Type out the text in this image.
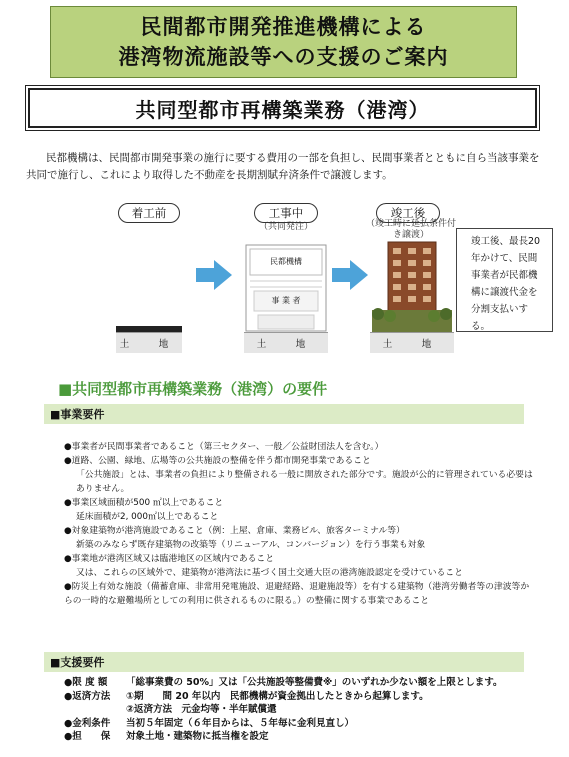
民間都市開発推進機構による
港湾物流施設等への支援のご案内
共同型都市再構築業務（港湾）
民都機構は、民間都市開発事業の施行に要する費用の一部を負担し、民間事業者とともに自ら当該事業を共同で施行し、これにより取得した不動産を長期割賦弁済条件で譲渡します。
着工前	工事中
（共同発注）
竣工後
（竣工時に延払条件付き譲渡）
土　地
民都機構
事 業 者
土　地	土　地
竣工後、最長20年かけて、民間事業者が民都機構に譲渡代金を分割支払いする。
■共同型都市再構築業務（港湾）の要件
■事業要件
●事業者が民間事業者であること（第三セクター、一般／公益財団法人を含む。）
●道路、公園、緑地、広場等の公共施設の整備を伴う都市開発事業であること
「公共施設」とは、事業者の負担により整備される一般に開放された部分です。施設が公的に管理されている必要はありません。
●事業区域面積が500 ㎡以上であること
延床面積が2, 000㎡以上であること
●対象建築物が港湾施設であること（例：上屋、倉庫、業務ビル、旅客ターミナル等）
新築のみならず既存建築物の改築等（リニューアル、コンバージョン）を行う事業も対象
●事業地が港湾区域又は臨港地区の区域内であること
又は、これらの区域外で、建築物が港湾法に基づく国土交通大臣の港湾施設認定を受けていること
●防災上有効な施設（備蓄倉庫、非常用発電施設、退避経路、退避施設等）を有する建築物（港湾労働者等の津波等からの一時的な避難場所としての利用に供されるものに限る。）の整備に関する事業であること
■支援要件
●限 度 額	「総事業費の 50%」又は「公共施設等整備費※」のいずれか少ない額を上限とします。
●返済方法	①期　　間 20 年以内　民都機構が資金拠出したときから起算します。
②返済方法　元金均等・半年賦償還
●金利条件	当初５年固定（６年目からは、５年毎に金利見直し）
●担　　保	対象土地・建築物に抵当権を設定
